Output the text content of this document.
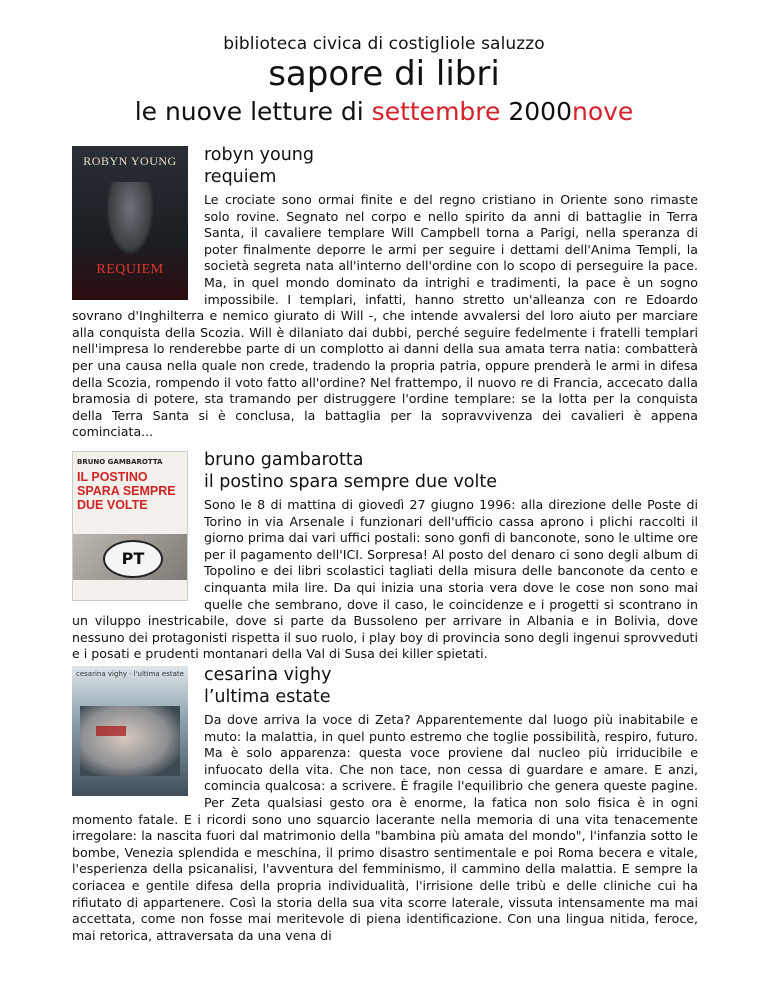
biblioteca civica di costigliole saluzzo
sapore di libri
le nuove letture di settembre 2000nove
ROBYN YOUNG
REQUIEM
robyn young
requiem
Le crociate sono ormai finite e del regno cristiano in Oriente sono rimaste solo rovine. Segnato nel corpo e nello spirito da anni di battaglie in Terra Santa, il cavaliere templare Will Campbell torna a Parigi, nella speranza di poter finalmente deporre le armi per seguire i dettami dell'Anima Templi, la società segreta nata all'interno dell'ordine con lo scopo di perseguire la pace. Ma, in quel mondo dominato da intrighi e tradimenti, la pace è un sogno impossibile. I templari, infatti, hanno stretto un'alleanza con re Edoardo sovrano d'Inghilterra e nemico giurato di Will -, che intende avvalersi del loro aiuto per marciare alla conquista della Scozia. Will è dilaniato dai dubbi, perché seguire fedelmente i fratelli templari nell'impresa lo renderebbe parte di un complotto ai danni della sua amata terra natia: combatterà per una causa nella quale non crede, tradendo la propria patria, oppure prenderà le armi in difesa della Scozia, rompendo il voto fatto all'ordine? Nel frattempo, il nuovo re di Francia, accecato dalla bramosia di potere, sta tramando per distruggere l'ordine templare: se la lotta per la conquista della Terra Santa si è conclusa, la battaglia per la sopravvivenza dei cavalieri è appena cominciata...
BRUNO GAMBAROTTA
IL POSTINO SPARA SEMPRE DUE VOLTE
PT
bruno gambarotta
il postino spara sempre due volte
Sono le 8 di mattina di giovedì 27 giugno 1996: alla direzione delle Poste di Torino in via Arsenale i funzionari dell'ufficio cassa aprono i plichi raccolti il giorno prima dai vari uffici postali: sono gonfi di banconote, sono le ultime ore per il pagamento dell'ICI. Sorpresa! Al posto del denaro ci sono degli album di Topolino e dei libri scolastici tagliati della misura delle banconote da cento e cinquanta mila lire. Da qui inizia una storia vera dove le cose non sono mai quelle che sembrano, dove il caso, le coincidenze e i progetti si scontrano in un viluppo inestricabile, dove si parte da Bussoleno per arrivare in Albania e in Bolivia, dove nessuno dei protagonisti rispetta il suo ruolo, i play boy di provincia sono degli ingenui sprovveduti e i posati e prudenti montanari della Val di Susa dei killer spietati.
cesarina vighy · l'ultima estate	cesarina vighy
l’ultima estate
Da dove arriva la voce di Zeta? Apparentemente dal luogo più inabitabile e muto: la malattia, in quel punto estremo che toglie possibilità, respiro, futuro. Ma è solo apparenza: questa voce proviene dal nucleo più irriducibile e infuocato della vita. Che non tace, non cessa di guardare e amare. E anzi, comincia qualcosa: a scrivere. È fragile l'equilibrio che genera queste pagine. Per Zeta qualsiasi gesto ora è enorme, la fatica non solo fisica è in ogni momento fatale. E i ricordi sono uno squarcio lacerante nella memoria di una vita tenacemente irregolare: la nascita fuori dal matrimonio della "bambina più amata del mondo", l'infanzia sotto le bombe, Venezia splendida e meschina, il primo disastro sentimentale e poi Roma becera e vitale, l'esperienza della psicanalisi, l'avventura del femminismo, il cammino della malattia. E sempre la coriacea e gentile difesa della propria individualità, l'irrisione delle tribù e delle cliniche cui ha rifiutato di appartenere. Così la storia della sua vita scorre laterale, vissuta intensamente ma mai accettata, come non fosse mai meritevole di piena identificazione. Con una lingua nitida, feroce, mai retorica, attraversata da una vena di
